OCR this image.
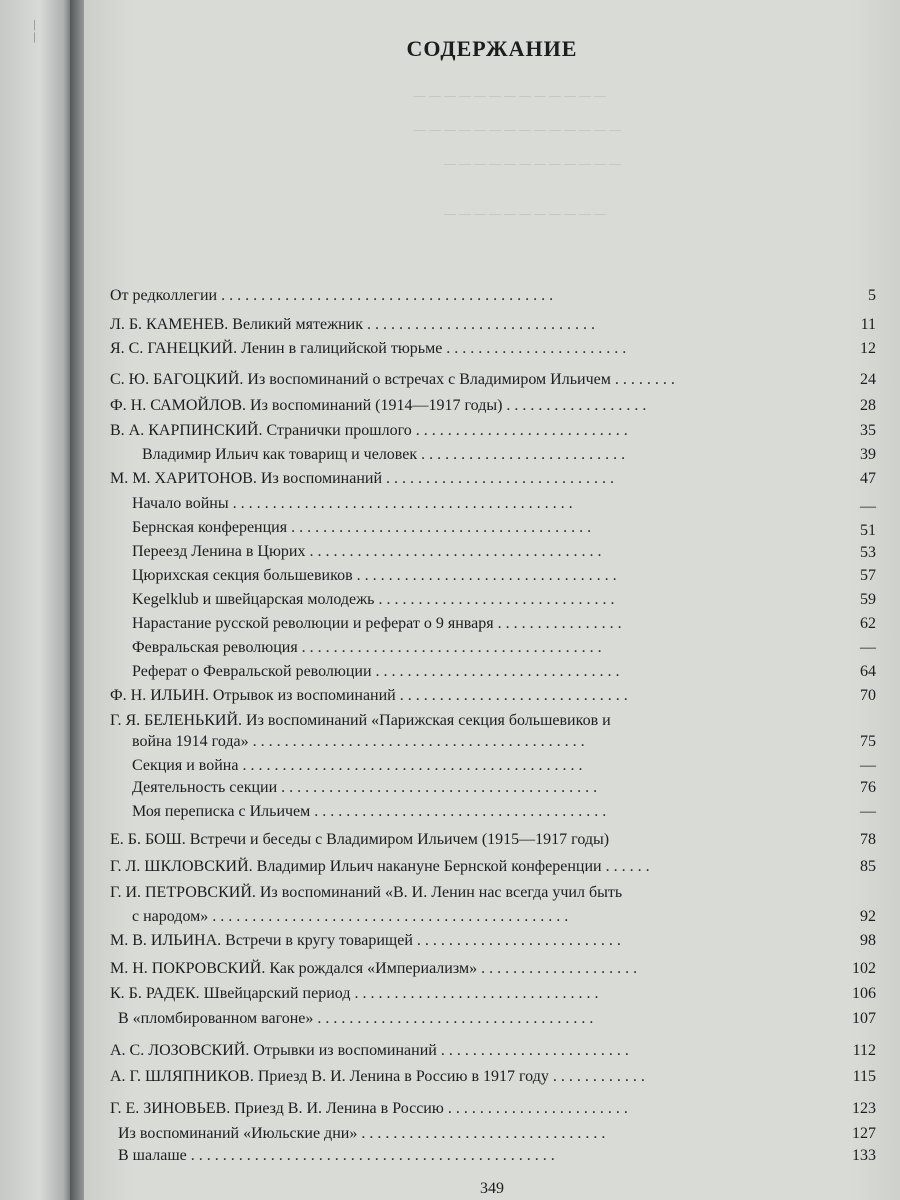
— —
— — — — — — — — — — — — —
— — — — — — — — — — — — — —
— — — — — — — — — — — —
— — — — — — — — — — —
СОДЕРЖАНИЕ
От редколлегии . . . . . . . . . . . . . . . . . . . . . . . . . . . . . . . . . . . . . . . . . .	5
Л. Б. КАМЕНЕВ. Великий мятежник . . . . . . . . . . . . . . . . . . . . . . . . . . . . .	11
Я. С. ГАНЕЦКИЙ. Ленин в галицийской тюрьме . . . . . . . . . . . . . . . . . . . . . . .	12
С. Ю. БАГОЦКИЙ. Из воспоминаний о встречах с Владимиром Ильичем . . . . . . . .	24
Ф. Н. САМОЙЛОВ. Из воспоминаний (1914—1917 годы) . . . . . . . . . . . . . . . . . .	28
В. А. КАРПИНСКИЙ. Странички прошлого . . . . . . . . . . . . . . . . . . . . . . . . . . .	35
Владимир Ильич как товарищ и человек . . . . . . . . . . . . . . . . . . . . . . . . . .	39
М. М. ХАРИТОНОВ. Из воспоминаний . . . . . . . . . . . . . . . . . . . . . . . . . . . . .	47
Начало войны . . . . . . . . . . . . . . . . . . . . . . . . . . . . . . . . . . . . . . . . . . .	—
Бернская конференция . . . . . . . . . . . . . . . . . . . . . . . . . . . . . . . . . . . . . .	51
Переезд Ленина в Цюрих . . . . . . . . . . . . . . . . . . . . . . . . . . . . . . . . . . . . .	53
Цюрихская секция большевиков . . . . . . . . . . . . . . . . . . . . . . . . . . . . . . . . .	57
Kegelklub и швейцарская молодежь . . . . . . . . . . . . . . . . . . . . . . . . . . . . . .	59
Нарастание русской революции и реферат о 9 января . . . . . . . . . . . . . . . .	62
Февральская революция . . . . . . . . . . . . . . . . . . . . . . . . . . . . . . . . . . . . . .	—
Реферат о Февральской революции . . . . . . . . . . . . . . . . . . . . . . . . . . . . . . .	64
Ф. Н. ИЛЬИН. Отрывок из воспоминаний . . . . . . . . . . . . . . . . . . . . . . . . . . . . .	70
Г. Я. БЕЛЕНЬКИЙ. Из воспоминаний «Парижская секция большевиков и
война 1914 года» . . . . . . . . . . . . . . . . . . . . . . . . . . . . . . . . . . . . . . . . . .	75
Секция и война . . . . . . . . . . . . . . . . . . . . . . . . . . . . . . . . . . . . . . . . . . .	—
Деятельность секции . . . . . . . . . . . . . . . . . . . . . . . . . . . . . . . . . . . . . . . .	76
Моя переписка с Ильичем . . . . . . . . . . . . . . . . . . . . . . . . . . . . . . . . . . . . .	—
Е. Б. БОШ. Встречи и беседы с Владимиром Ильичем (1915—1917 годы)	78
Г. Л. ШКЛОВСКИЙ. Владимир Ильич накануне Бернской конференции . . . . . .	85
Г. И. ПЕТРОВСКИЙ. Из воспоминаний «В. И. Ленин нас всегда учил быть
с народом» . . . . . . . . . . . . . . . . . . . . . . . . . . . . . . . . . . . . . . . . . . . . .	92
М. В. ИЛЬИНА. Встречи в кругу товарищей . . . . . . . . . . . . . . . . . . . . . . . . . .	98
М. Н. ПОКРОВСКИЙ. Как рождался «Империализм» . . . . . . . . . . . . . . . . . . . .	102
К. Б. РАДЕК. Швейцарский период . . . . . . . . . . . . . . . . . . . . . . . . . . . . . . .	106
В «пломбированном вагоне» . . . . . . . . . . . . . . . . . . . . . . . . . . . . . . . . . . .	107
А. С. ЛОЗОВСКИЙ. Отрывки из воспоминаний . . . . . . . . . . . . . . . . . . . . . . . .	112
А. Г. ШЛЯПНИКОВ. Приезд В. И. Ленина в Россию в 1917 году . . . . . . . . . . . .	115
Г. Е. ЗИНОВЬЕВ. Приезд В. И. Ленина в Россию . . . . . . . . . . . . . . . . . . . . . . .	123
Из воспоминаний «Июльские дни» . . . . . . . . . . . . . . . . . . . . . . . . . . . . . . .	127
В шалаше . . . . . . . . . . . . . . . . . . . . . . . . . . . . . . . . . . . . . . . . . . . . . .	133
349
